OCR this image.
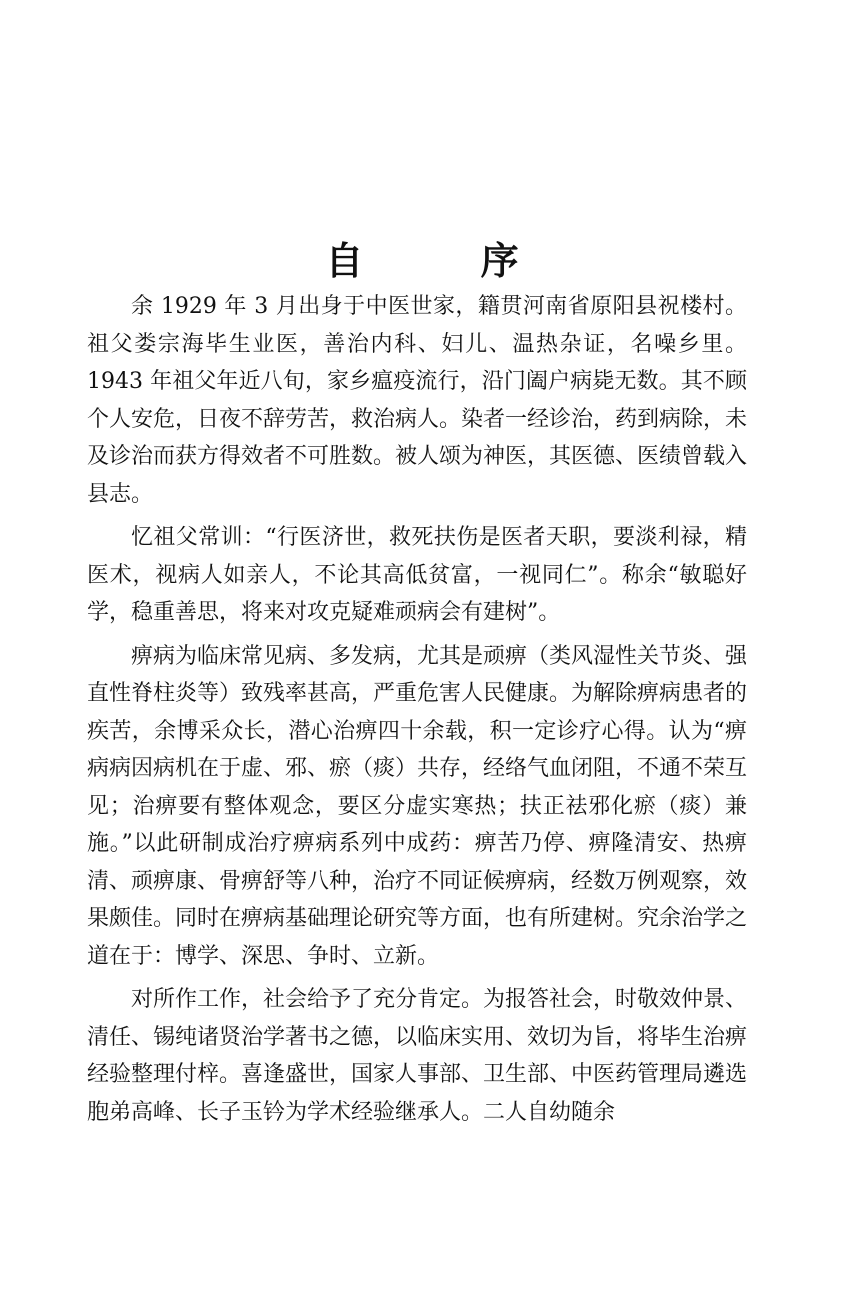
自 序

余 1929 年 3 月出身于中医世家，籍贯河南省原阳县祝楼村。祖父娄宗海毕生业医，善治内科、妇儿、温热杂证，名噪乡里。1943 年祖父年近八旬，家乡瘟疫流行，沿门阖户病毙无数。其不顾个人安危，日夜不辞劳苦，救治病人。染者一经诊治，药到病除，未及诊治而获方得效者不可胜数。被人颂为神医，其医德、医绩曾载入县志。

忆祖父常训：“行医济世，救死扶伤是医者天职，要淡利禄，精医术，视病人如亲人，不论其高低贫富，一视同仁”。称余“敏聪好学，稳重善思，将来对攻克疑难顽病会有建树”。

痹病为临床常见病、多发病，尤其是顽痹（类风湿性关节炎、强直性脊柱炎等）致残率甚高，严重危害人民健康。为解除痹病患者的疾苦，余博采众长，潜心治痹四十余载，积一定诊疗心得。认为“痹病病因病机在于虚、邪、瘀（痰）共存，经络气血闭阻，不通不荣互见；治痹要有整体观念，要区分虚实寒热；扶正祛邪化瘀（痰）兼施。”以此研制成治疗痹病系列中成药：痹苦乃停、痹隆清安、热痹清、顽痹康、骨痹舒等八种，治疗不同证候痹病，经数万例观察，效果颇佳。同时在痹病基础理论研究等方面，也有所建树。究余治学之道在于：博学、深思、争时、立新。

对所作工作，社会给予了充分肯定。为报答社会，时敬效仲景、清任、锡纯诸贤治学著书之德，以临床实用、效切为旨，将毕生治痹经验整理付梓。喜逢盛世，国家人事部、卫生部、中医药管理局遴选胞弟高峰、长子玉钤为学术经验继承人。二人自幼随余
